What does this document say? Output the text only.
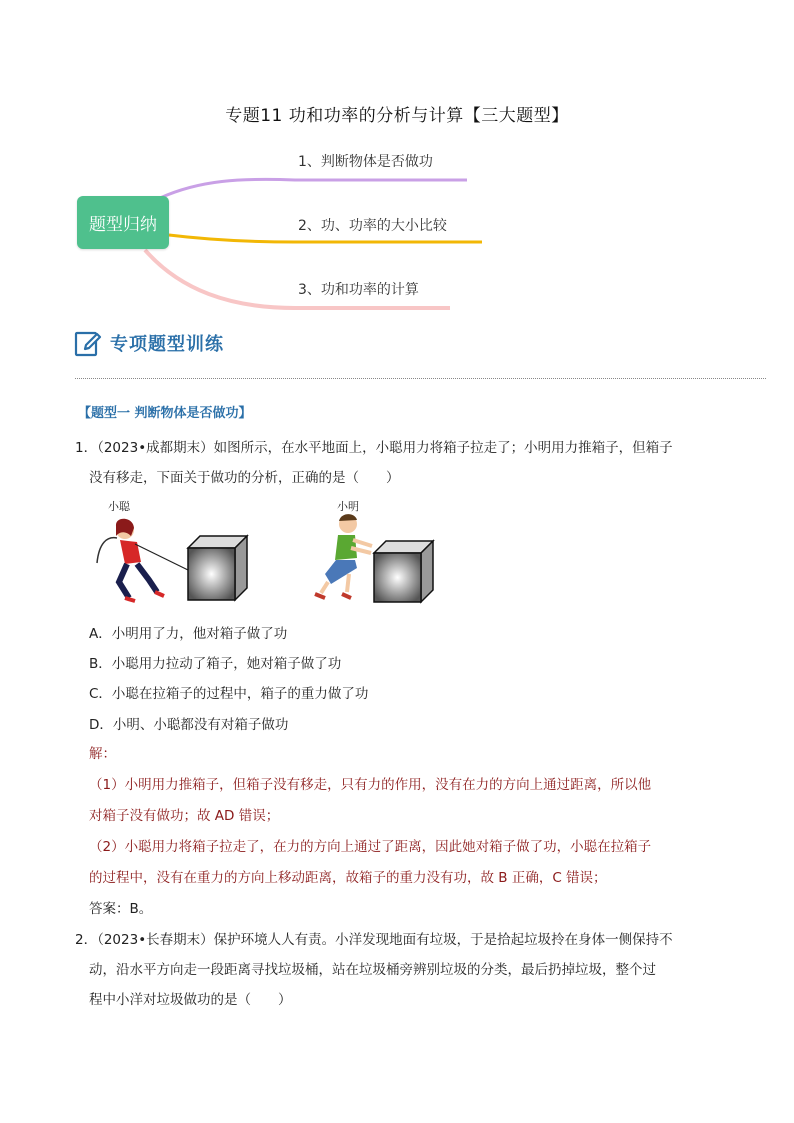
专题11 功和功率的分析与计算【三大题型】
题型归纳
1、判断物体是否做功
2、功、功率的大小比较
3、功和功率的计算
专项题型训练
【题型一 判断物体是否做功】
1．（2023•成都期末）如图所示，在水平地面上，小聪用力将箱子拉走了；小明用力推箱子，但箱子
没有移走，下面关于做功的分析，正确的是（　　）
小聪	小明
A．小明用了力，他对箱子做了功
B．小聪用力拉动了箱子，她对箱子做了功
C．小聪在拉箱子的过程中，箱子的重力做了功
D．小明、小聪都没有对箱子做功
解：
（1）小明用力推箱子，但箱子没有移走，只有力的作用，没有在力的方向上通过距离，所以他
对箱子没有做功；故 AD 错误；
（2）小聪用力将箱子拉走了，在力的方向上通过了距离，因此她对箱子做了功，小聪在拉箱子
的过程中，没有在重力的方向上移动距离，故箱子的重力没有功，故 B 正确，C 错误；
答案：B。
2．（2023•长春期末）保护环境人人有责。小洋发现地面有垃圾，于是拾起垃圾拎在身体一侧保持不
动，沿水平方向走一段距离寻找垃圾桶，站在垃圾桶旁辨别垃圾的分类，最后扔掉垃圾，整个过
程中小洋对垃圾做功的是（　　）
